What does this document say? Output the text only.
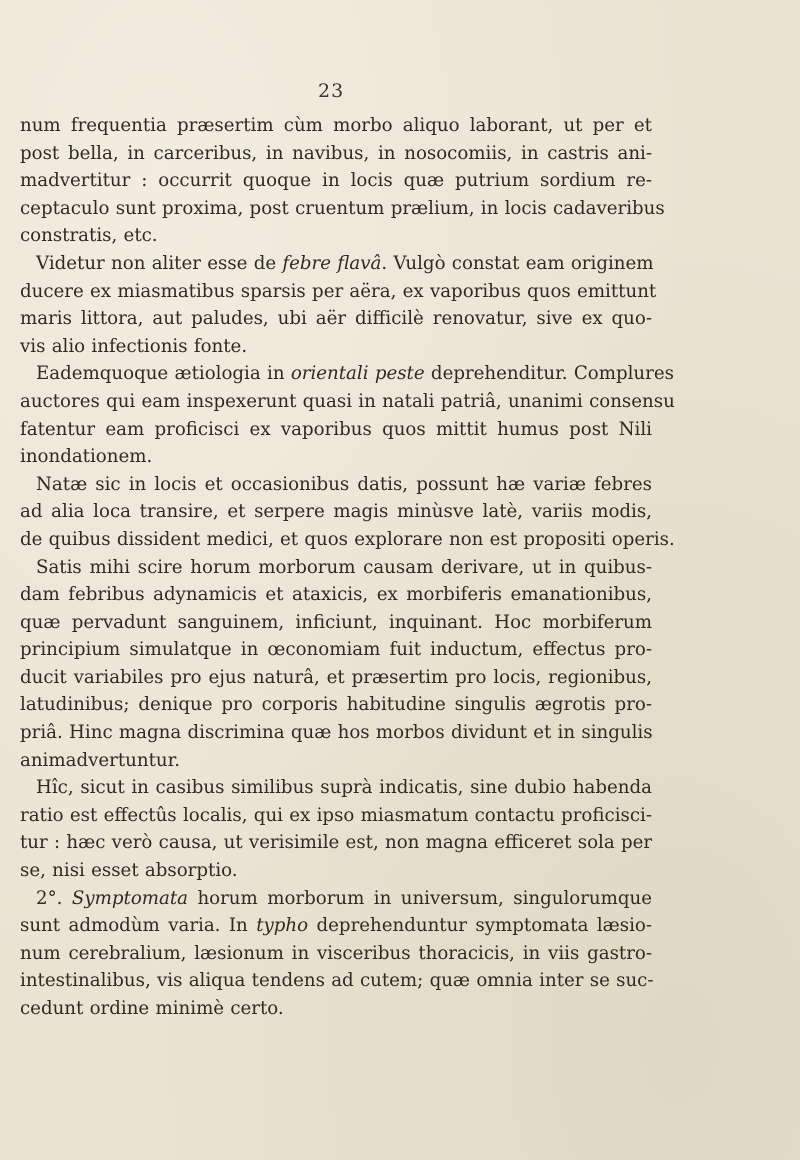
23
num frequentia præsertim cùm morbo aliquo laborant, ut per et
post bella, in carceribus, in navibus, in nosocomiis, in castris ani-
madvertitur : occurrit quoque in locis quæ putrium sordium re-
ceptaculo sunt proxima, post cruentum prælium, in locis cadaveribus
constratis, etc.
Videtur non aliter esse de febre flavâ. Vulgò constat eam originem
ducere ex miasmatibus sparsis per aëra, ex vaporibus quos emittunt
maris littora, aut paludes, ubi aër difficilè renovatur, sive ex quo-
vis alio infectionis fonte.
Eademquoque ætiologia in orientali peste deprehenditur. Complures
auctores qui eam inspexerunt quasi in natali patriâ, unanimi consensu
fatentur eam proficisci ex vaporibus quos mittit humus post Nili
inondationem.
Natæ sic in locis et occasionibus datis, possunt hæ variæ febres
ad alia loca transire, et serpere magis minùsve latè, variis modis,
de quibus dissident medici, et quos explorare non est propositi operis.
Satis mihi scire horum morborum causam derivare, ut in quibus-
dam febribus adynamicis et ataxicis, ex morbiferis emanationibus,
quæ pervadunt sanguinem, inficiunt, inquinant. Hoc morbiferum
principium simulatque in œconomiam fuit inductum, effectus pro-
ducit variabiles pro ejus naturâ, et præsertim pro locis, regionibus,
latudinibus; denique pro corporis habitudine singulis ægrotis pro-
priâ. Hinc magna discrimina quæ hos morbos dividunt et in singulis
animadvertuntur.
Hîc, sicut in casibus similibus suprà indicatis, sine dubio habenda
ratio est effectûs localis, qui ex ipso miasmatum contactu proficisci-
tur : hæc verò causa, ut verisimile est, non magna efficeret sola per
se, nisi esset absorptio.
2°. Symptomata horum morborum in universum, singulorumque
sunt admodùm varia. In typho deprehenduntur symptomata læsio-
num cerebralium, læsionum in visceribus thoracicis, in viis gastro-
intestinalibus, vis aliqua tendens ad cutem; quæ omnia inter se suc-
cedunt ordine minimè certo.
